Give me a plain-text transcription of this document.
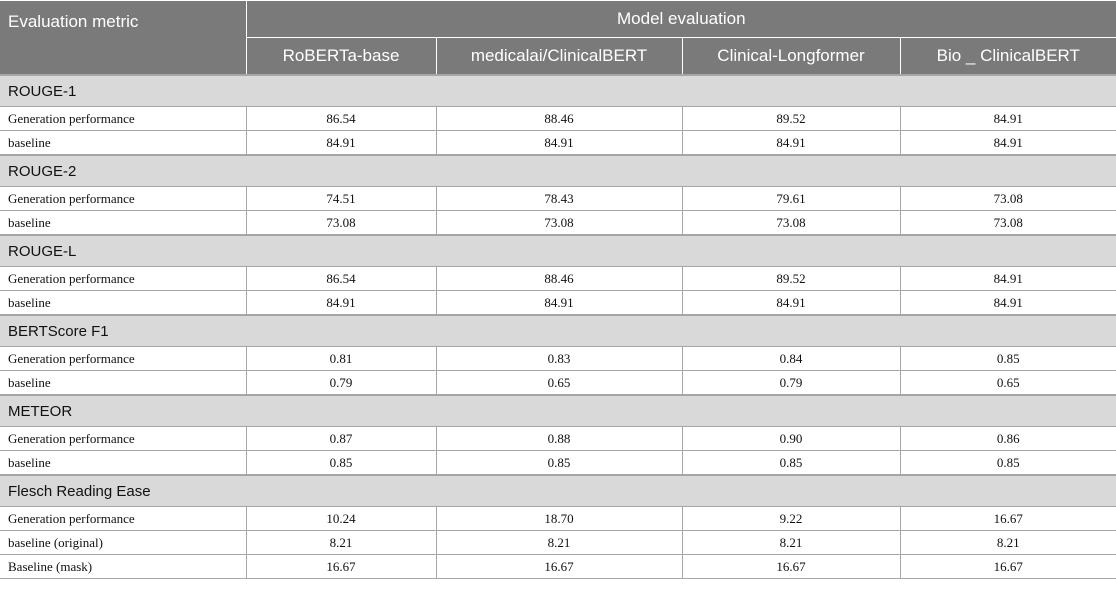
Evaluation metric	Model evaluation			
	RoBERTa-base	medicalai/ClinicalBERT	Clinical-Longformer	Bio _ ClinicalBERT
ROUGE-1				
Generation performance	86.54	88.46	89.52	84.91
baseline	84.91	84.91	84.91	84.91
ROUGE-2				
Generation performance	74.51	78.43	79.61	73.08
baseline	73.08	73.08	73.08	73.08
ROUGE-L				
Generation performance	86.54	88.46	89.52	84.91
baseline	84.91	84.91	84.91	84.91
BERTScore F1				
Generation performance	0.81	0.83	0.84	0.85
baseline	0.79	0.65	0.79	0.65
METEOR				
Generation performance	0.87	0.88	0.90	0.86
baseline	0.85	0.85	0.85	0.85
Flesch Reading Ease				
Generation performance	10.24	18.70	9.22	16.67
baseline (original)	8.21	8.21	8.21	8.21
Baseline (mask)	16.67	16.67	16.67	16.67
